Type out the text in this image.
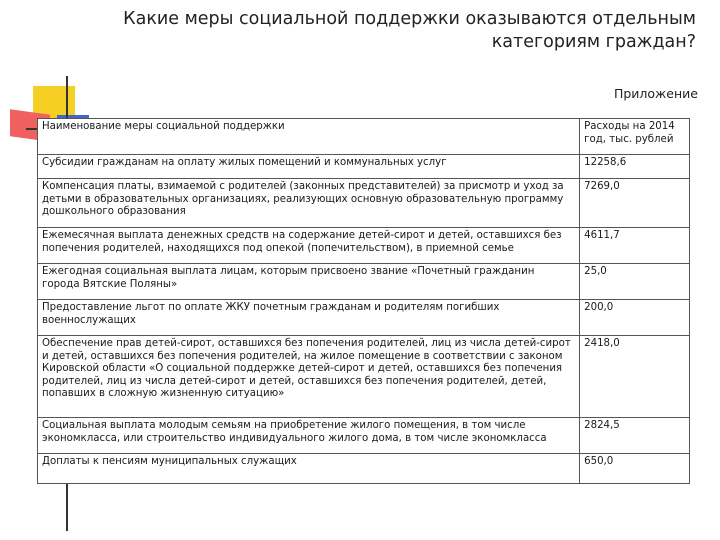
Какие меры социальной поддержки оказываются отдельным категориям граждан?
Приложение
Наименование меры социальной поддержки	Расходы на 2014 год, тыс. рублей
Субсидии гражданам на оплату жилых помещений и коммунальных услуг	12258,6
Компенсация платы, взимаемой с родителей (законных представителей) за присмотр и уход за детьми в образовательных организациях, реализующих основную образовательную программу дошкольного образования	7269,0
Ежемесячная выплата денежных средств на содержание детей-сирот и детей, оставшихся без попечения родителей, находящихся под опекой (попечительством), в приемной семье	4611,7
Ежегодная социальная выплата лицам, которым присвоено звание «Почетный гражданин города Вятские Поляны»	25,0
Предоставление льгот по оплате ЖКУ почетным гражданам и родителям погибших военнослужащих	200,0
Обеспечение прав детей-сирот, оставшихся без попечения родителей, лиц из числа детей-сирот и детей, оставшихся без попечения родителей, на жилое помещение в соответствии с законом Кировской области «О социальной поддержке детей-сирот и детей, оставшихся без попечения родителей, лиц из числа детей-сирот и детей, оставшихся без попечения родителей, детей, попавших в сложную жизненную ситуацию»	2418,0
Социальная выплата молодым семьям на приобретение жилого помещения, в том числе экономкласса, или строительство индивидуального жилого дома, в том числе экономкласса	2824,5
Доплаты к пенсиям муниципальных служащих	650,0
